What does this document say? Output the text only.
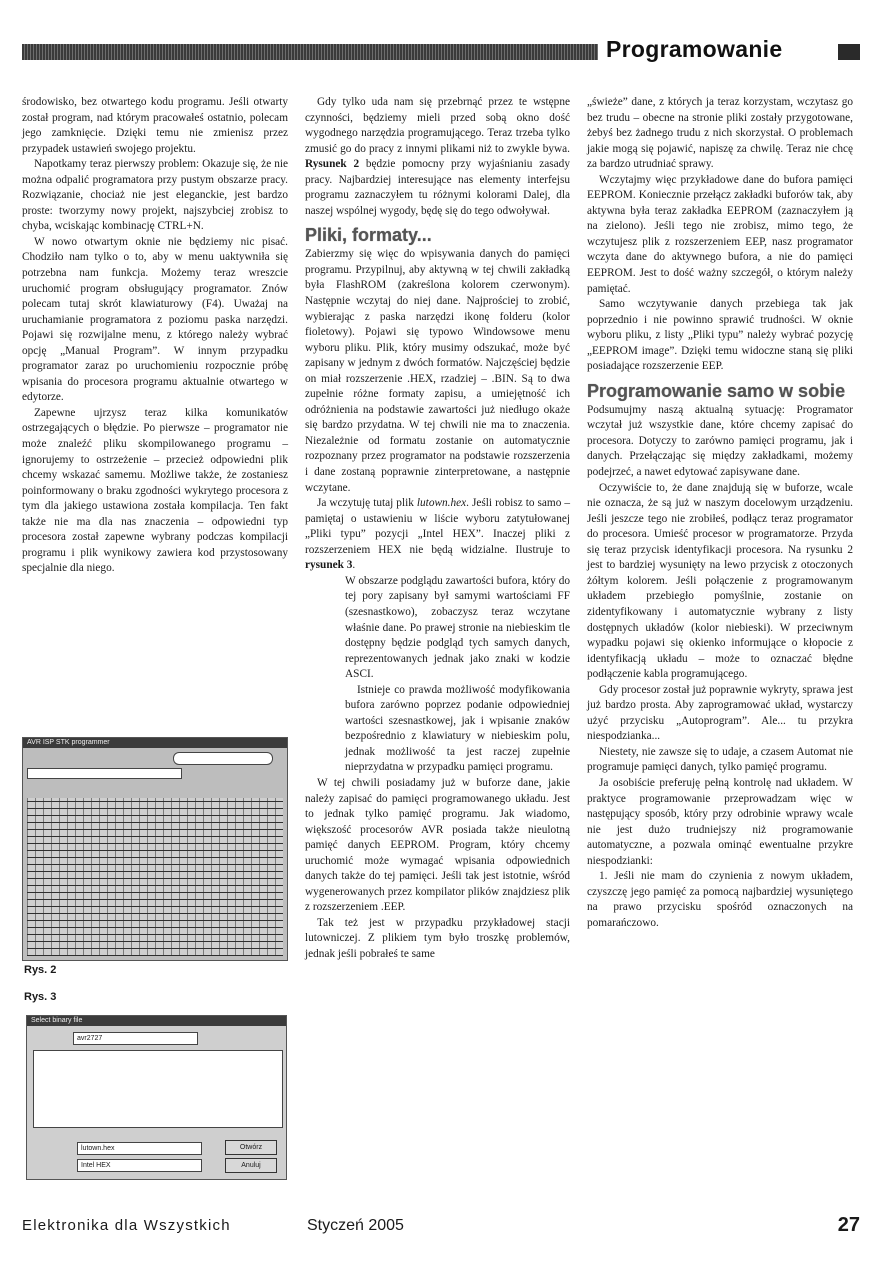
Programowanie

środowisko, bez otwartego kodu programu. Jeśli otwarty został program, nad którym pracowałeś ostatnio, polecam jego zamknięcie. Dzięki temu nie zmienisz przez przypadek ustawień swojego projektu.

Napotkamy teraz pierwszy problem: Okazuje się, że nie można odpalić programatora przy pustym obszarze pracy. Rozwiązanie, chociaż nie jest eleganckie, jest bardzo proste: tworzymy nowy projekt, najszybciej zrobisz to chyba, wciskając kombinację CTRL+N.

W nowo otwartym oknie nie będziemy nic pisać. Chodziło nam tylko o to, aby w menu uaktywniła się potrzebna nam funkcja. Możemy teraz wreszcie uruchomić program obsługujący programator. Znów polecam tutaj skrót klawiaturowy (F4). Uważaj na uruchamianie programatora z poziomu paska narzędzi. Pojawi się rozwijalne menu, z którego należy wybrać opcję „Manual Program”. W innym przypadku programator zaraz po uruchomieniu rozpocznie próbę wpisania do procesora programu aktualnie otwartego w edytorze.

Zapewne ujrzysz teraz kilka komunikatów ostrzegających o błędzie. Po pierwsze – programator nie może znaleźć pliku skompilowanego programu – ignorujemy to ostrzeżenie – przecież odpowiedni plik chcemy wskazać samemu. Możliwe także, że zostaniesz poinformowany o braku zgodności wykrytego procesora z tym dla jakiego ustawiona została kompilacja. Ten fakt także nie ma dla nas znaczenia – odpowiedni typ procesora został zapewne wybrany podczas kompilacji programu i plik wynikowy zawiera kod przystosowany specjalnie dla niego.

AVR ISP STK programmer
Rys. 2
Rys. 3
Select binary file
avr2727
lutown.hex
Intel HEX
Otwórz
Anuluj

Gdy tylko uda nam się przebrnąć przez te wstępne czynności, będziemy mieli przed sobą okno dość wygodnego narzędzia programującego. Teraz trzeba tylko zmusić go do pracy z innymi plikami niż to zwykle bywa. Rysunek 2 będzie pomocny przy wyjaśnianiu zasady pracy. Najbardziej interesujące nas elementy interfejsu programu zaznaczyłem tu różnymi kolorami Dalej, dla naszej wspólnej wygody, będę się do tego odwoływał.

Pliki, formaty...

Zabierzmy się więc do wpisywania danych do pamięci programu. Przypilnuj, aby aktywną w tej chwili zakładką była FlashROM (zakreślona kolorem czerwonym). Następnie wczytaj do niej dane. Najprościej to zrobić, wybierając z paska narzędzi ikonę folderu (kolor fioletowy). Pojawi się typowo Windowsowe menu wyboru pliku. Plik, który musimy odszukać, może być zapisany w jednym z dwóch formatów. Najczęściej będzie on miał rozszerzenie .HEX, rzadziej – .BIN. Są to dwa zupełnie różne formaty zapisu, a umiejętność ich odróżnienia na podstawie zawartości już niedługo okaże się bardzo przydatna. W tej chwili nie ma to znaczenia. Niezależnie od formatu zostanie on automatycznie rozpoznany przez programator na podstawie rozszerzenia i dane zostaną poprawnie zinterpretowane, a następnie wczytane.

Ja wczytuję tutaj plik lutown.hex. Jeśli robisz to samo – pamiętaj o ustawieniu w liście wyboru zatytułowanej „Pliki typu” pozycji „Intel HEX”. Inaczej pliki z rozszerzeniem HEX nie będą widzialne. Ilustruje to rysunek 3.

W obszarze podglądu zawartości bufora, który do tej pory zapisany był samymi wartościami FF (szesnastkowo), zobaczysz teraz wczytane właśnie dane. Po prawej stronie na niebieskim tle dostępny będzie podgląd tych samych danych, reprezentowanych jednak jako znaki w kodzie ASCI.

Istnieje co prawda możliwość modyfikowania bufora zarówno poprzez podanie odpowiedniej wartości szesnastkowej, jak i wpisanie znaków bezpośrednio z klawiatury w niebieskim polu, jednak możliwość ta jest raczej zupełnie nieprzydatna w przypadku pamięci programu.

W tej chwili posiadamy już w buforze dane, jakie należy zapisać do pamięci programowanego układu. Jest to jednak tylko pamięć programu. Jak wiadomo, większość procesorów AVR posiada także nieulotną pamięć danych EEPROM. Program, który chcemy uruchomić może wymagać wpisania odpowiednich danych także do tej pamięci. Jeśli tak jest istotnie, wśród wygenerowanych przez kompilator plików znajdziesz plik z rozszerzeniem .EEP.

Tak też jest w przypadku przykładowej stacji lutowniczej. Z plikiem tym było troszkę problemów, jednak jeśli pobrałeś te same

„świeże” dane, z których ja teraz korzystam, wczytasz go bez trudu – obecne na stronie pliki zostały przygotowane, żebyś bez żadnego trudu z nich skorzystał. O problemach jakie mogą się pojawić, napiszę za chwilę. Teraz nie chcę za bardzo utrudniać sprawy.

Wczytajmy więc przykładowe dane do bufora pamięci EEPROM. Koniecznie przełącz zakładki buforów tak, aby aktywna była teraz zakładka EEPROM (zaznaczyłem ją na zielono). Jeśli tego nie zrobisz, mimo tego, że wczytujesz plik z rozszerzeniem EEP, nasz programator wczyta dane do aktywnego bufora, a nie do pamięci EEPROM. Jest to dość ważny szczegół, o którym należy pamiętać.

Samo wczytywanie danych przebiega tak jak poprzednio i nie powinno sprawić trudności. W oknie wyboru pliku, z listy „Pliki typu” należy wybrać pozycję „EEPROM image”. Dzięki temu widoczne staną się pliki posiadające rozszerzenie EEP.

Programowanie samo w sobie

Podsumujmy naszą aktualną sytuację: Programator wczytał już wszystkie dane, które chcemy zapisać do procesora. Dotyczy to zarówno pamięci programu, jak i danych. Przełączając się między zakładkami, możemy podejrzeć, a nawet edytować zapisywane dane.

Oczywiście to, że dane znajdują się w buforze, wcale nie oznacza, że są już w naszym docelowym urządzeniu. Jeśli jeszcze tego nie zrobiłeś, podłącz teraz programator do procesora. Umieść procesor w programatorze. Przyda się teraz przycisk identyfikacji procesora. Na rysunku 2 jest to bardziej wysunięty na lewo przycisk z otoczonych żółtym kolorem. Jeśli połączenie z programowanym układem przebiegło pomyślnie, zostanie on zidentyfikowany i automatycznie wybrany z listy dostępnych układów (kolor niebieski). W przeciwnym wypadku pojawi się okienko informujące o kłopocie z identyfikacją układu – może to oznaczać błędne podłączenie kabla programującego.

Gdy procesor został już poprawnie wykryty, sprawa jest już bardzo prosta. Aby zaprogramować układ, wystarczy użyć przycisku „Autoprogram”. Ale... tu przykra niespodzianka...

Niestety, nie zawsze się to udaje, a czasem Automat nie programuje pamięci danych, tylko pamięć programu.

Ja osobiście preferuję pełną kontrolę nad układem. W praktyce programowanie przeprowadzam więc w następujący sposób, który przy odrobinie wprawy wcale nie jest dużo trudniejszy niż programowanie automatyczne, a pozwala ominąć ewentualne przykre niespodzianki:

1. Jeśli nie mam do czynienia z nowym układem, czyszczę jego pamięć za pomocą najbardziej wysuniętego na prawo przycisku spośród oznaczonych na pomarańczowo.

Elektronika dla Wszystkich	Styczeń 2005	27
